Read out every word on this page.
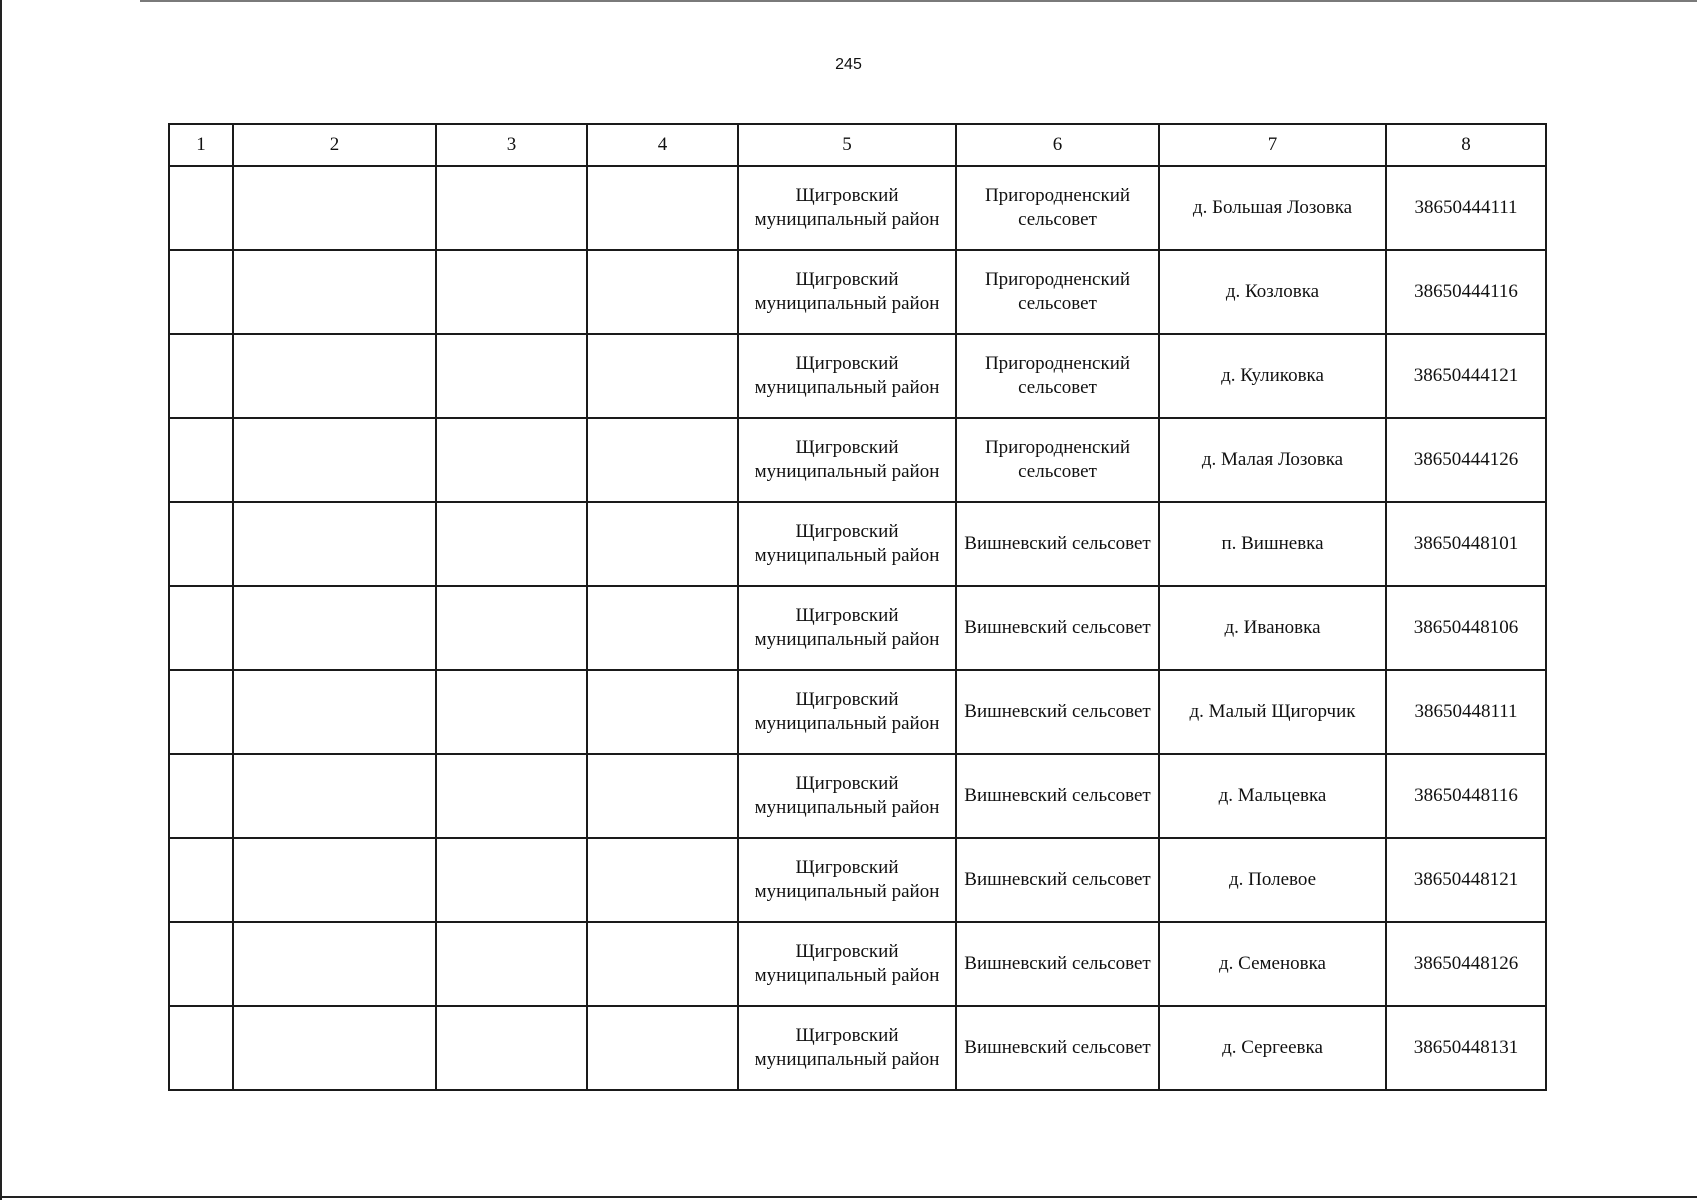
245
1	2	3	4	5	6	7	8
				Щигровский муниципальный район	Пригородненский сельсовет	д. Большая Лозовка	38650444111
				Щигровский муниципальный район	Пригородненский сельсовет	д. Козловка	38650444116
				Щигровский муниципальный район	Пригородненский сельсовет	д. Куликовка	38650444121
				Щигровский муниципальный район	Пригородненский сельсовет	д. Малая Лозовка	38650444126
				Щигровский муниципальный район	Вишневский сельсовет	п. Вишневка	38650448101
				Щигровский муниципальный район	Вишневский сельсовет	д. Ивановка	38650448106
				Щигровский муниципальный район	Вишневский сельсовет	д. Малый Щигорчик	38650448111
				Щигровский муниципальный район	Вишневский сельсовет	д. Мальцевка	38650448116
				Щигровский муниципальный район	Вишневский сельсовет	д. Полевое	38650448121
				Щигровский муниципальный район	Вишневский сельсовет	д. Семеновка	38650448126
				Щигровский муниципальный район	Вишневский сельсовет	д. Сергеевка	38650448131
